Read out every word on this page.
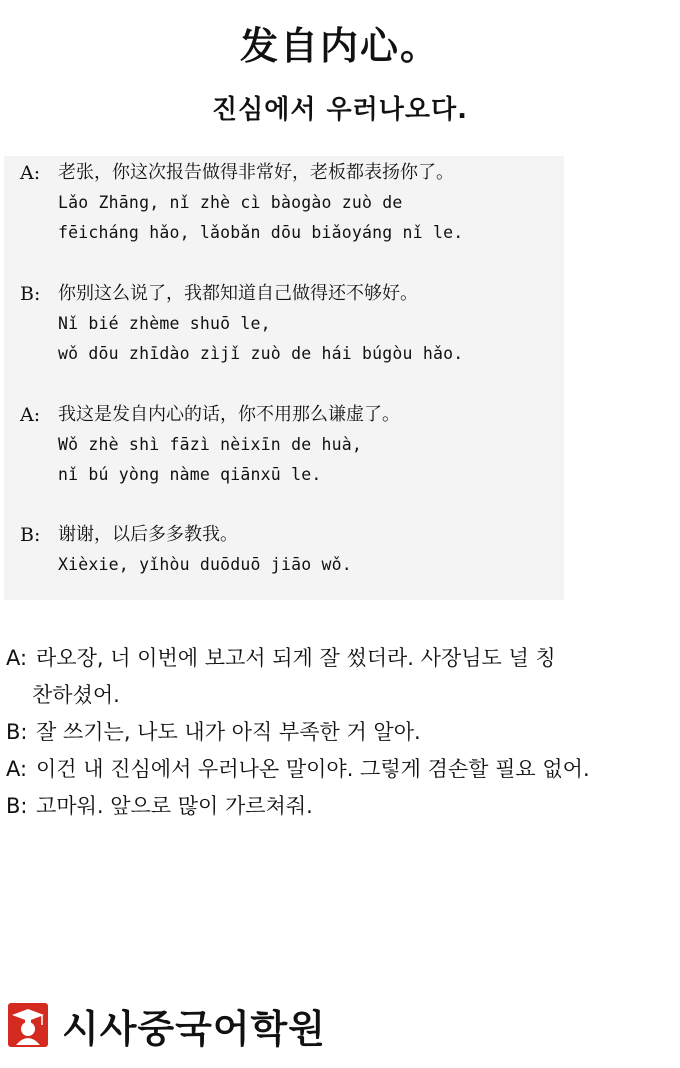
发自内心。
진심에서 우러나오다.
A: 老张，你这次报告做得非常好，老板都表扬你了。
Lǎo Zhāng, nǐ zhè cì bàogào zuò de
fēicháng hǎo, lǎobǎn dōu biǎoyáng nǐ le.
B: 你别这么说了，我都知道自己做得还不够好。
Nǐ bié zhème shuō le,
wǒ dōu zhīdào zìjǐ zuò de hái búgòu hǎo.
A: 我这是发自内心的话，你不用那么谦虚了。
Wǒ zhè shì fāzì nèixīn de huà,
nǐ bú yòng nàme qiānxū le.
B: 谢谢，以后多多教我。
Xièxie, yǐhòu duōduō jiāo wǒ.
A: 라오장, 너 이번에 보고서 되게 잘 썼더라. 사장님도 널 칭
찬하셨어.
B: 잘 쓰기는, 나도 내가 아직 부족한 거 알아.
A: 이건 내 진심에서 우러나온 말이야. 그렇게 겸손할 필요 없어.
B: 고마워. 앞으로 많이 가르쳐줘.
시사중국어학원
